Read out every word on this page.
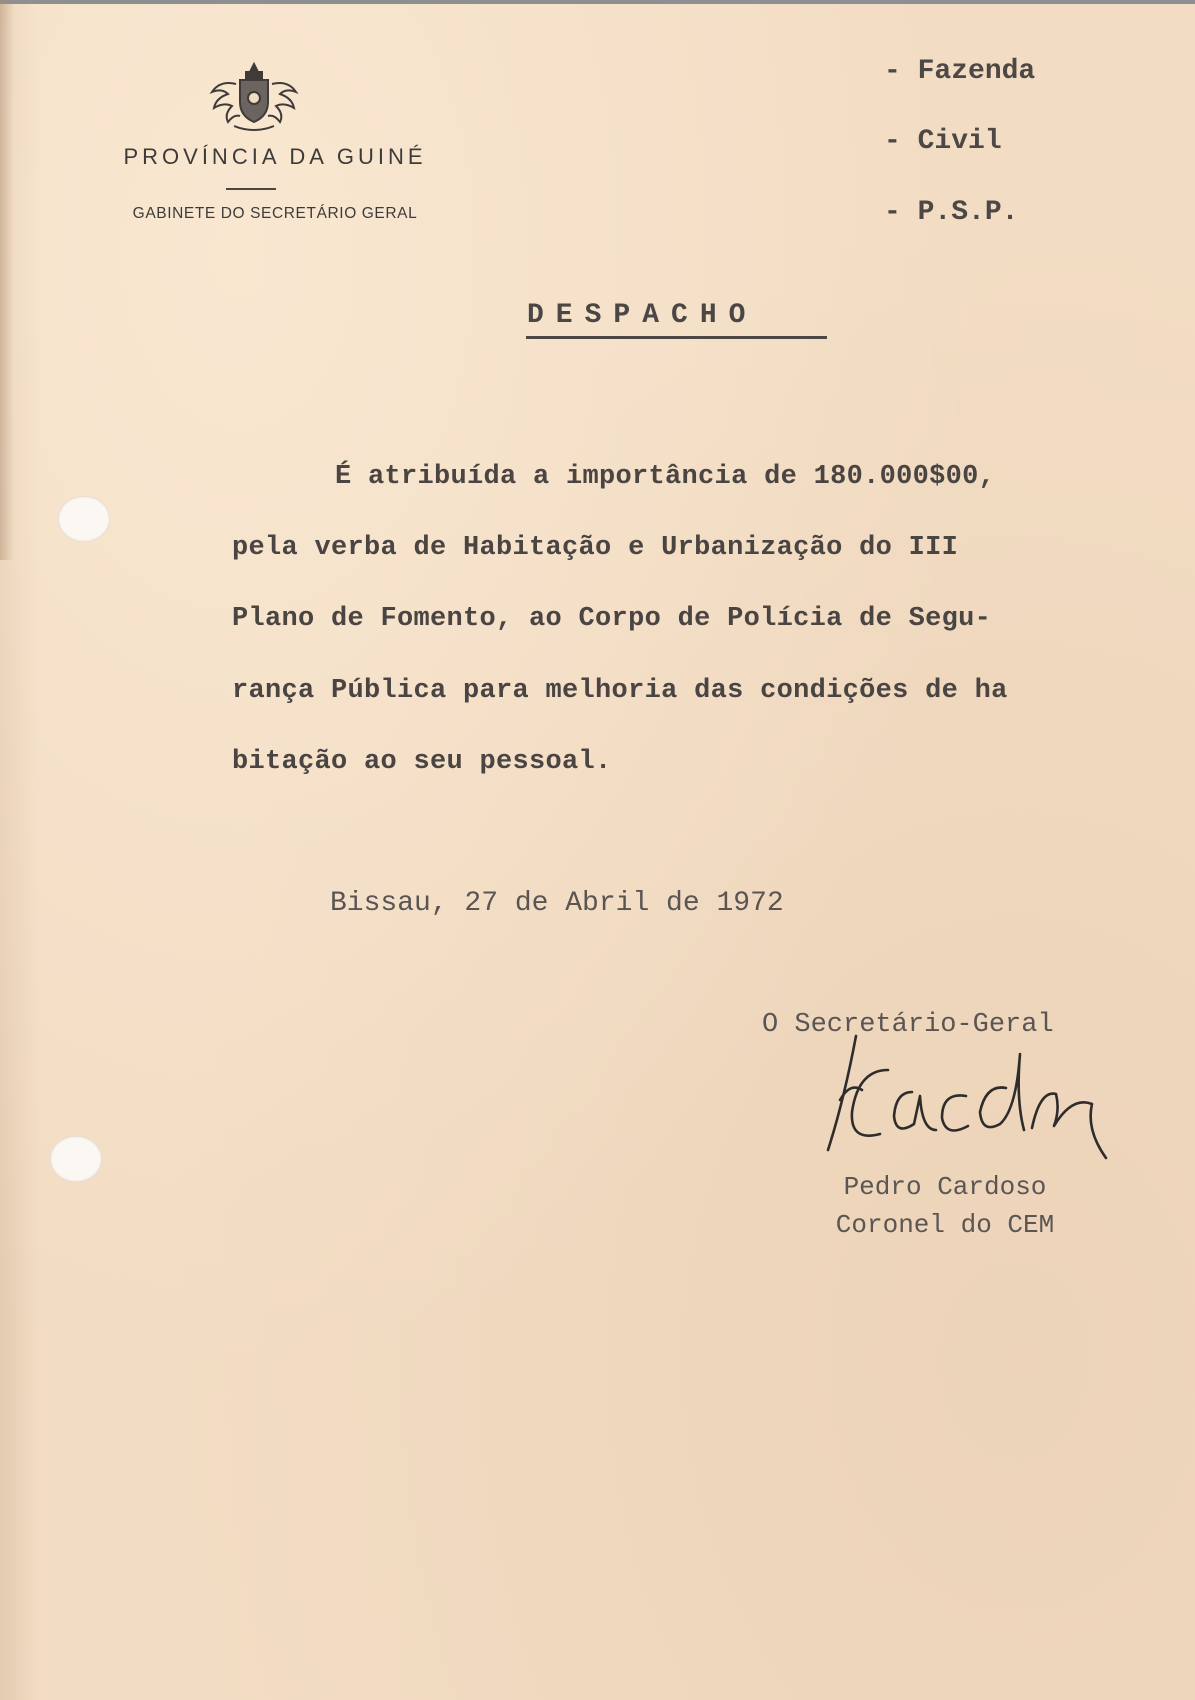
PROVÍNCIA DA GUINÉ
GABINETE DO SECRETÁRIO GERAL
- Fazenda
- Civil
- P.S.P.
DESPACHO
É atribuída a importância de 180.000$00,
pela verba de Habitação e Urbanização do III
Plano de Fomento, ao Corpo de Polícia de Segu-
rança Pública para melhoria das condições de ha
bitação ao seu pessoal.
Bissau, 27 de Abril de 1972
O Secretário-Geral
Pedro Cardoso
Coronel do CEM
